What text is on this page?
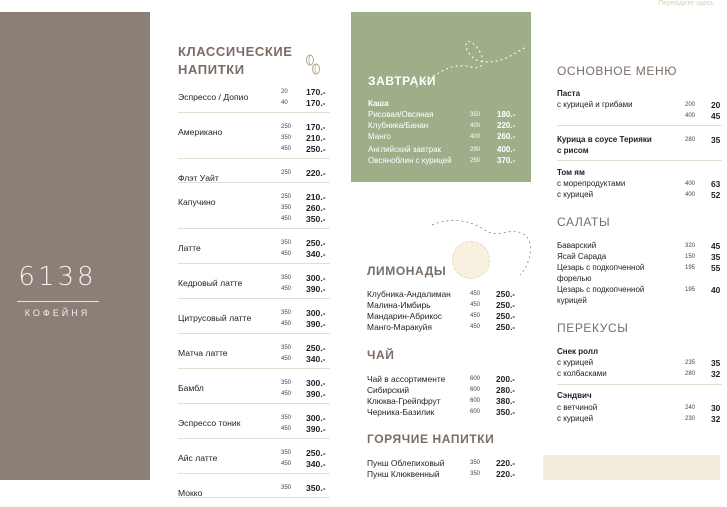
Перейдите здесь
6138
КОФЕЙНЯ
КЛАССИЧЕСКИЕ
НАПИТКИ
Эспрессо / Допио	20 170.-
40 170.-
Американо	250 170.-
350 210.-
450 250.-
Флэт Уайт	250 220.-
Капучино	250 210.-
350 260.-
450 350.-
Латте	350 250.-
450 340.-
Кедровый латте	350 300.-
450 390.-
Цитрусовый латте	350 300.-
450 390.-
Матча латте	350 250.-
450 340.-
Бамбл	350 300.-
450 390.-
Эспрессо тоник	350 300.-
450 390.-
Айс латте	350 250.-
450 340.-
Мокко	350 350.-
ЗАВТРАКИ
Каша
Рисовая/Овсяная	350 180.-
Клубника/Банан	400 220.-
Манго	400 260.-
Английский завтрак	290 400.-
Овсяноблин с курицей	250 370.-
ЛИМОНАДЫ
Клубника-Андалиман	450 250.-
Малина-Имбирь	450 250.-
Мандарин-Абрикос	450 250.-
Манго-Маракуйя	450 250.-
ЧАЙ
Чай в ассортименте	600 200.-
Сибирский	600 280.-
Клюква-Грейпфрут	600 380.-
Черника-Базилик	600 350.-
ГОРЯЧИЕ НАПИТКИ
Пунш Облепиховый	350 220.-
Пунш Клюквенный	350 220.-
ОСНОВНОЕ МЕНЮ
Паста
с курицей и грибами	200 20
400 45
Курица в соусе Терияки	280 35
с рисом
Том ям
с морепродуктами	400 63
с курицей	400 52
САЛАТЫ
Баварский	320 45
Ясай Сарада	150 35
Цезарь с подкопченной	195 55
форелью
Цезарь с подкопченной	195 40
курицей
ПЕРЕКУСЫ
Снек ролл
с курицей	235 35
с колбасками	280 32
Сэндвич
с ветчиной	240 30
с курицей	230 32
